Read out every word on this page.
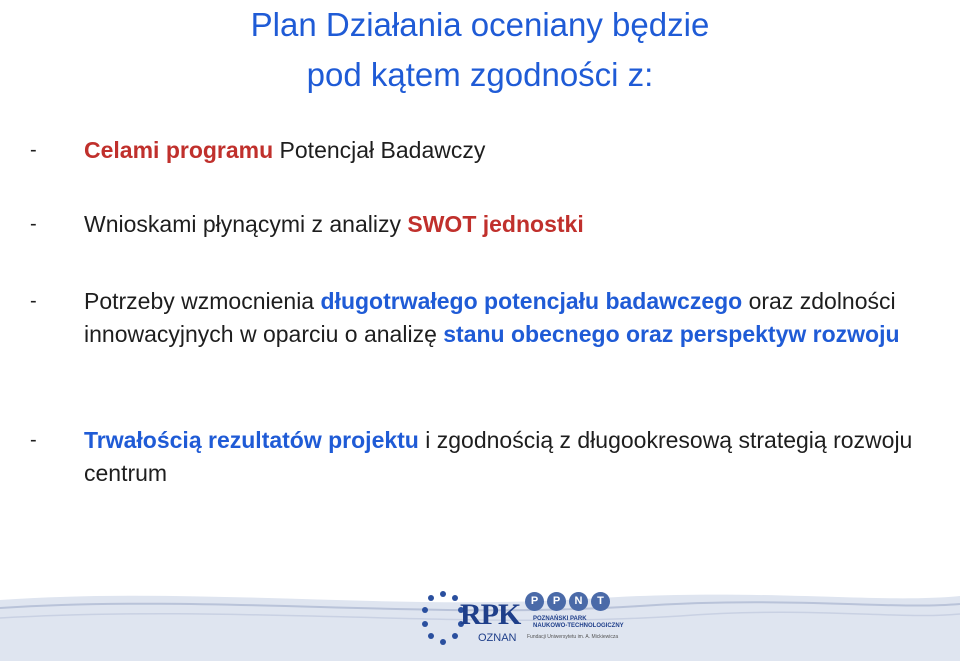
Plan Działania oceniany będzie
pod kątem zgodności z:
-	Celami programu Potencjał Badawczy
-	Wnioskami płynącymi z analizy SWOT jednostki
-	Potrzeby wzmocnienia długotrwałego potencjału badawczego oraz zdolności innowacyjnych w oparciu o analizę stanu obecnego oraz perspektyw rozwoju
-	Trwałością rezultatów projektu i zgodnością z długookresową strategią rozwoju centrum
RPK
OZNAN
P	P	N	T
POZNAŃSKI PARK
NAUKOWO-TECHNOLOGICZNY
Fundacji Uniwersytetu im. A. Mickiewicza
